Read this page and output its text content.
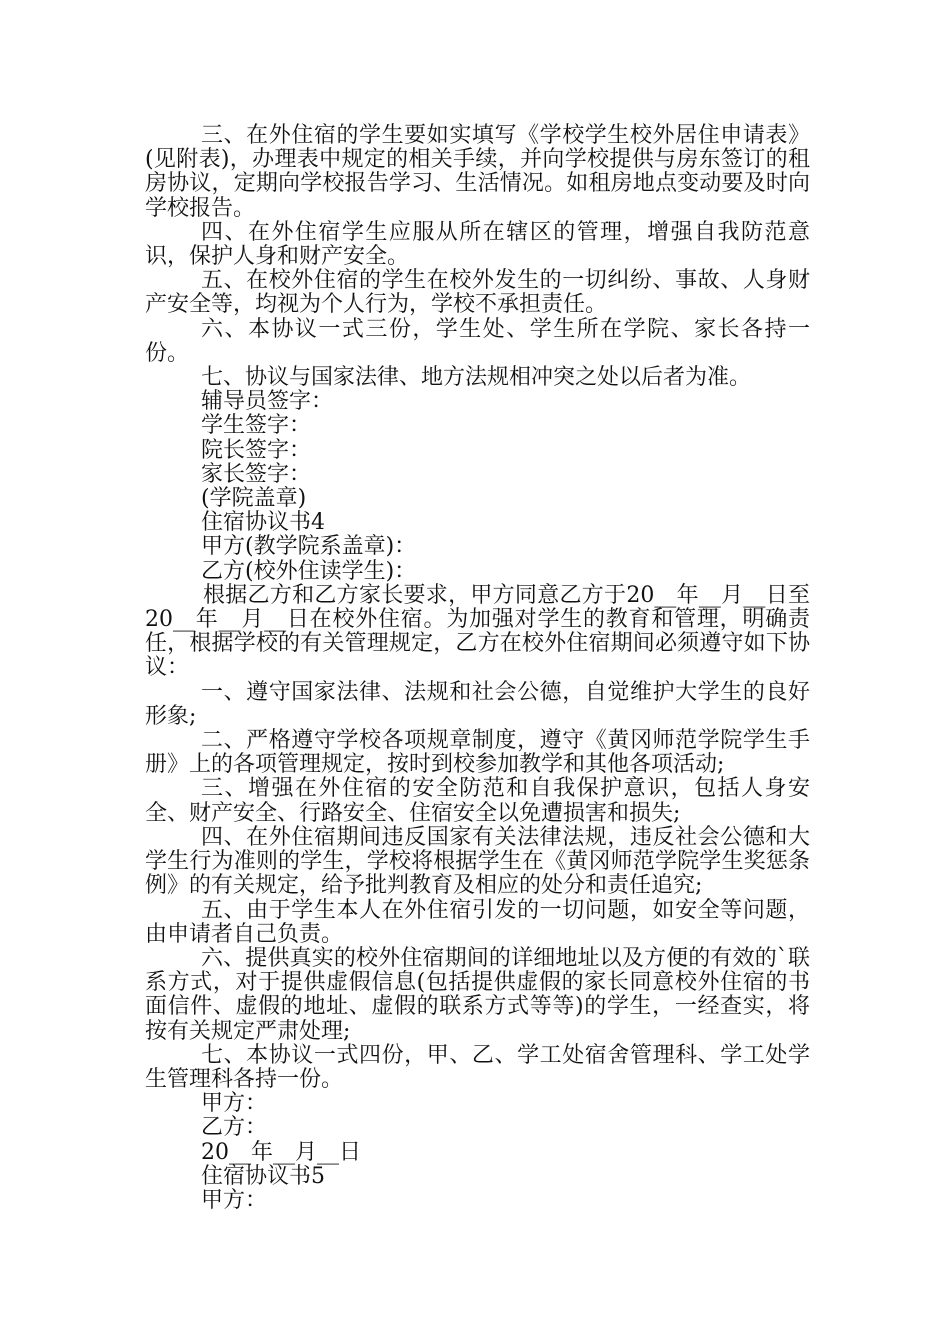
三、在外住宿的学生要如实填写《学校学生校外居住申请表》(见附表)，办理表中规定的相关手续，并向学校提供与房东签订的租房协议，定期向学校报告学习、生活情况。如租房地点变动要及时向学校报告。

四、在外住宿学生应服从所在辖区的管理，增强自我防范意识，保护人身和财产安全。

五、在校外住宿的学生在校外发生的一切纠纷、事故、人身财产安全等，均视为个人行为，学校不承担责任。

六、本协议一式三份，学生处、学生所在学院、家长各持一份。

七、协议与国家法律、地方法规相冲突之处以后者为准。

辅导员签字：

学生签字：

院长签字：

家长签字：

(学院盖章)

住宿协议书4

甲方(教学院系盖章)：

乙方(校外住读学生)：

根据乙方和乙方家长要求，甲方同意乙方于20__年__月__日至20__年__月__日在校外住宿。为加强对学生的教育和管理，明确责任，根据学校的有关管理规定，乙方在校外住宿期间必须遵守如下协议：

一、遵守国家法律、法规和社会公德，自觉维护大学生的良好形象;

二、严格遵守学校各项规章制度，遵守《黄冈师范学院学生手册》上的各项管理规定，按时到校参加教学和其他各项活动;

三、增强在外住宿的安全防范和自我保护意识，包括人身安全、财产安全、行路安全、住宿安全以免遭损害和损失;

四、在外住宿期间违反国家有关法律法规，违反社会公德和大学生行为准则的学生，学校将根据学生在《黄冈师范学院学生奖惩条例》的有关规定，给予批判教育及相应的处分和责任追究;

五、由于学生本人在外住宿引发的一切问题，如安全等问题，由申请者自己负责。

六、提供真实的校外住宿期间的详细地址以及方便的有效的`联系方式，对于提供虚假信息(包括提供虚假的家长同意校外住宿的书面信件、虚假的地址、虚假的联系方式等等)的学生，一经查实，将按有关规定严肃处理;

七、本协议一式四份，甲、乙、学工处宿舍管理科、学工处学生管理科各持一份。

甲方：

乙方：

20__年__月__日

住宿协议书5

甲方：
